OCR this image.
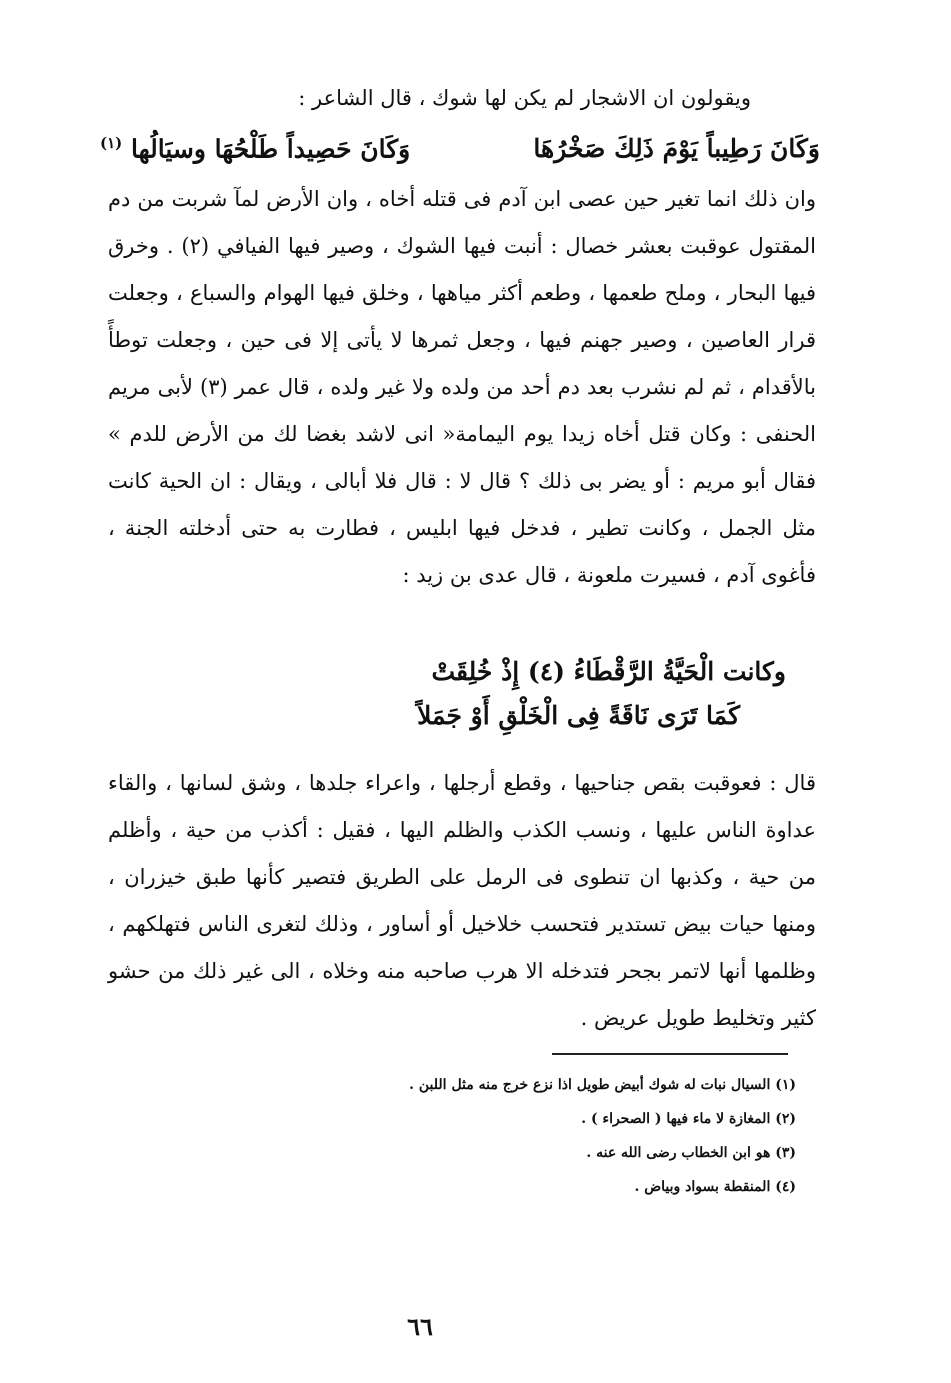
ويقولون ان الاشجار لم يكن لها شوك ، قال الشاعر :
وَكَانَ رَطِيباً يَوْمَ ذَلِكَ صَخْرُهَا
وَكَانَ حَصِيداً طَلْحُهَا وسيَالُها $^{(١)}$
وان ذلك انما تغير حين عصى ابن آدم فى قتله أخاه ، وان الأرض لمآ شربت من دم المقتول عوقبت بعشر خصال : أنبت فيها الشوك ، وصير فيها الفيافي (٢) . وخرق فيها البحار ، وملح طعمها ، وطعم أكثر مياهها ، وخلق فيها الهوام والسباع ، وجعلت قرار العاصين ، وصير جهنم فيها ، وجعل ثمرها لا يأتى إلا فى حين ، وجعلت توطأً بالأقدام ، ثم لم نشرب بعد دم أحد من ولده ولا غير ولده ، قال عمر (٣) لأبى مريم الحنفى : وكان قتل أخاه زيدا يوم اليمامة« انى لاشد بغضا لك من الأرض للدم » فقال أبو مريم : أو يضر بى ذلك ؟ قال لا : قال فلا أبالى ، ويقال : ان الحية كانت مثل الجمل ، وكانت تطير ، فدخل فيها ابليس ، فطارت به حتى أدخلته الجنة ، فأغوى آدم ، فسيرت ملعونة ، قال عدى بن زيد :
وكانت الْحَيَّةُ الرَّقْطَاءُ (٤) إِذْ خُلِقَتْ
كَمَا تَرَى نَاقَةً فِى الْخَلْقِ أَوْ جَمَلاً
قال : فعوقبت بقص جناحيها ، وقطع أرجلها ، واعراء جلدها ، وشق لسانها ، والقاء عداوة الناس عليها ، ونسب الكذب والظلم اليها ، فقيل : أكذب من حية ، وأظلم من حية ، وكذبها ان تنطوى فى الرمل على الطريق فتصير كأنها طبق خيزران ، ومنها حيات بيض تستدير فتحسب خلاخيل أو أساور ، وذلك لتغرى الناس فتهلكهم ، وظلمها أنها لاتمر بجحر فتدخله الا هرب صاحبه منه وخلاه ، الى غير ذلك من حشو كثير وتخليط طويل عريض .
(١) السيال نبات له شوك أبيض طويل اذا نزع خرج منه مثل اللبن .
(٢) المغازة لا ماء فيها ( الصحراء ) .
(٣) هو ابن الخطاب رضى الله عنه .
(٤) المنقطة بسواد وبياض .
٦٦
